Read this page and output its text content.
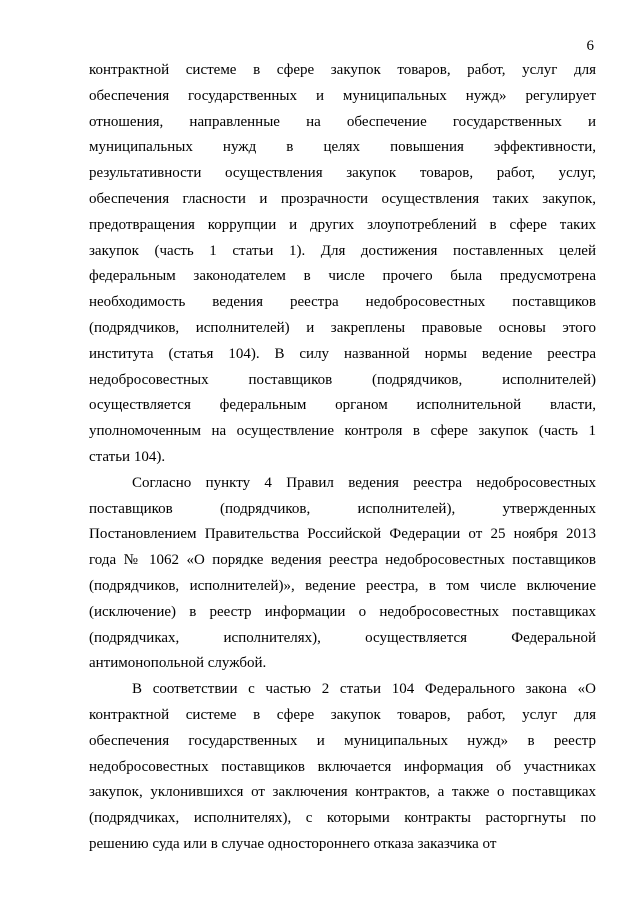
6
контрактной системе в сфере закупок товаров, работ, услуг для
обеспечения государственных и муниципальных нужд» регулирует
отношения, направленные на обеспечение государственных и
муниципальных нужд в целях повышения эффективности,
результативности осуществления закупок товаров, работ, услуг,
обеспечения гласности и прозрачности осуществления таких закупок,
предотвращения коррупции и других злоупотреблений в сфере таких
закупок (часть 1 статьи 1). Для достижения поставленных целей
федеральным законодателем в числе прочего была предусмотрена
необходимость ведения реестра недобросовестных поставщиков
(подрядчиков, исполнителей) и закреплены правовые основы этого
института (статья 104). В силу названной нормы ведение реестра
недобросовестных поставщиков (подрядчиков, исполнителей)
осуществляется федеральным органом исполнительной власти,
уполномоченным на осуществление контроля в сфере закупок (часть 1
статьи 104).
Согласно пункту 4 Правил ведения реестра недобросовестных
поставщиков (подрядчиков, исполнителей), утвержденных
Постановлением Правительства Российской Федерации от 25 ноября 2013
года № 1062 «О порядке ведения реестра недобросовестных поставщиков
(подрядчиков, исполнителей)», ведение реестра, в том числе включение
(исключение) в реестр информации о недобросовестных поставщиках
(подрядчиках, исполнителях), осуществляется Федеральной
антимонопольной службой.
В соответствии с частью 2 статьи 104 Федерального закона «О
контрактной системе в сфере закупок товаров, работ, услуг для
обеспечения государственных и муниципальных нужд» в реестр
недобросовестных поставщиков включается информация об участниках
закупок, уклонившихся от заключения контрактов, а также о поставщиках
(подрядчиках, исполнителях), с которыми контракты расторгнуты по
решению суда или в случае одностороннего отказа заказчика от
